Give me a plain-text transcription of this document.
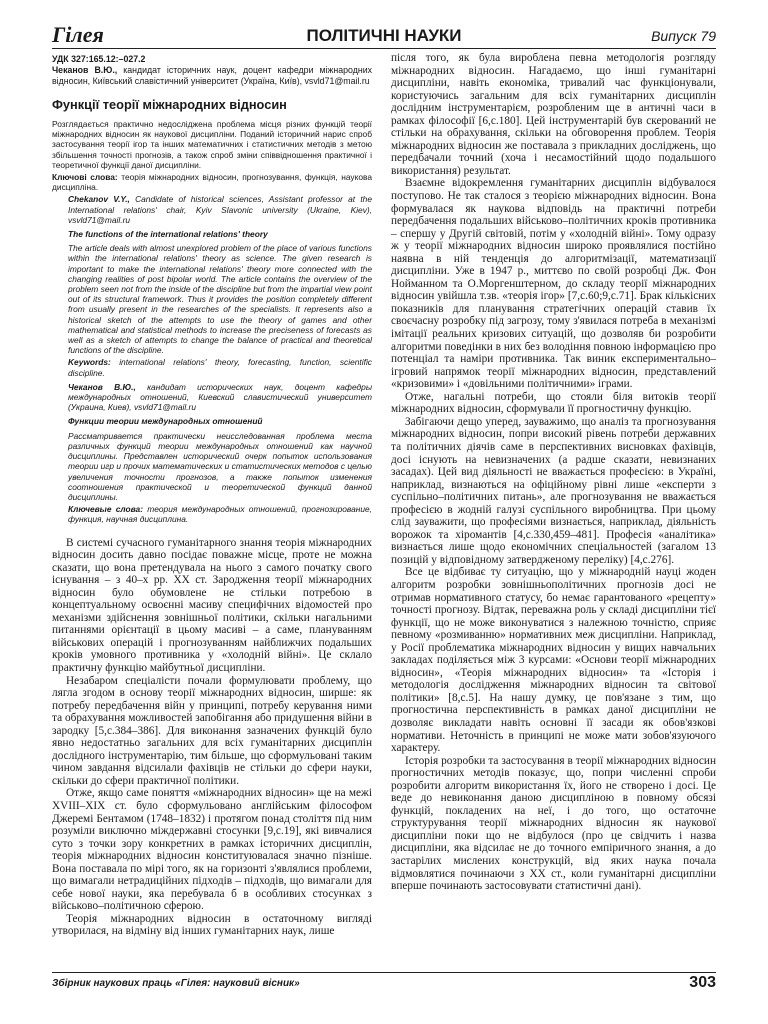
Гілея	ПОЛІТИЧНІ НАУКИ	Випуск 79
УДК 327:165.12:–027.2
Чеканов В.Ю., кандидат історичних наук, доцент кафедри міжнародних відносин, Київський славістичний університет (Україна, Київ), vsvld71@mail.ru
Функції теорії міжнародних відносин

Розглядається практично недосліджена проблема місця різних функцій теорії міжнародних відносин як наукової дисципліни. Поданий історичний нарис спроб застосування теорії ігор та інших математичних і статистичних методів з метою збільшення точності прогнозів, а також спроб зміни співвідношення практичної і теоретичної функції даної дисципліни.

Ключові слова: теорія міжнародних відносин, прогнозування, функція, наукова дисципліна.

Chekanov V.Y., Candidate of historical sciences, Assistant professor at the International relations' chair, Kyiv Slavonic university (Ukraine, Kiev), vsvld71@mail.ru
The functions of the international relations' theory

The article deals with almost unexplored problem of the place of various functions within the international relations' theory as science. The given research is important to make the international relations' theory more connected with the changing realities of post bipolar world. The article contains the overview of the problem seen not from the inside of the discipline but from the impartial view point out of its structural framework. Thus it provides the position completely different from usually present in the researches of the specialists. It represents also a historical sketch of the attempts to use the theory of games and other mathematical and statistical methods to increase the preciseness of forecasts as well as a sketch of attempts to change the balance of practical and theoretical functions of the discipline.

Keywords: international relations' theory, forecasting, function, scientific discipline.

Чеканов В.Ю., кандидат исторических наук, доцент кафедры международных отношений, Киевский славистический университет (Украина, Киев), vsvld71@mail.ru
Функции теории международных отношений

Рассматривается практически неисследованная проблема места различных функций теории международных отношений как научной дисциплины. Представлен исторический очерк попыток использования теории игр и прочих математических и статистических методов с целью увеличения точности прогнозов, а также попыток изменения соотношения практической и теоретической функций данной дисциплины.

Ключевые слова: теория международных отношений, прогнозирование, функция, научная дисциплина.

В системі сучасного гуманітарного знання теорія міжнародних відносин досить давно посідає поважне місце, проте не можна сказати, що вона претендувала на нього з самого початку свого існування – з 40–х рр. XX ст. Зародження теорії міжнародних відносин було обумовлене не стільки потребою в концептуальному освоєнні масиву специфічних відомостей про механізми здійснення зовнішньої політики, скільки нагальними питаннями орієнтації в цьому масиві – а саме, плануванням військових операцій і прогнозуванням найближчих подальших кроків умовного противника у «холодній війні». Це склало практичну функцію майбутньої дисципліни.

Незабаром спеціалісти почали формулювати проблему, що лягла згодом в основу теорії міжнародних відносин, ширше: як потребу передбачення війн у принципі, потребу керування ними та обрахування можливостей запобігання або придушення війни в зародку [5,с.384–386]. Для виконання зазначених функцій було явно недостатньо загальних для всіх гуманітарних дисциплін дослідного інструментарію, тим більше, що сформульовані таким чином завдання відсилали фахівців не стільки до сфери науки, скільки до сфери практичної політики.

Отже, якщо саме поняття «міжнародних відносин» ще на межі XVIII–XIX ст. було сформульовано англійським філософом Джеремі Бентамом (1748–1832) і протягом понад століття під ним розуміли виключно міждержавні стосунки [9,с.19], які вивчалися суто з точки зору конкретних в рамках історичних дисциплін, теорія міжнародних відносин конституювалася значно пізніше. Вона поставала по мірі того, як на горизонті з'являлися проблеми, що вимагали нетрадиційних підходів – підходів, що вимагали для себе нової науки, яка перебувала б в особливих стосунках з військово–політичною сферою.

Теорія міжнародних відносин в остаточному вигляді утворилася, на відміну від інших гуманітарних наук, лише

після того, як була вироблена певна методологія розгляду міжнародних відносин. Нагадаємо, що інші гуманітарні дисципліни, навіть економіка, тривалий час функціонували, користуючись загальним для всіх гуманітарних дисциплін дослідним інструментарієм, розробленим ще в античні часи в рамках філософії [6,с.180]. Цей інструментарій був скерований не стільки на обрахування, скільки на обговорення проблем. Теорія міжнародних відносин же поставала з прикладних досліджень, що передбачали точний (хоча і несамостійний щодо подальшого використання) результат.

Взаємне відокремлення гуманітарних дисциплін відбувалося поступово. Не так сталося з теорією міжнародних відносин. Вона формувалася як наукова відповідь на практичні потреби передбачення подальших військово–політичних кроків противника – спершу у Другій світовій, потім у «холодній війні». Тому одразу ж у теорії міжнародних відносин широко проявлялися постійно наявна в ній тенденція до алгоритмізації, математизації дисципліни. Уже в 1947 р., миттєво по своїй розробці Дж. Фон Нойманном та О.Моргенштерном, до складу теорії міжнародних відносин увійшла т.зв. «теорія ігор» [7,с.60;9,с.71]. Брак кількісних показників для планування стратегічних операцій ставив їх своєчасну розробку під загрозу, тому з'явилася потреба в механізмі імітації реальних кризових ситуацій, що дозволяв би розробити алгоритми поведінки в них без володіння повною інформацією про потенціал та наміри противника. Так виник експериментально–ігровий напрямок теорії міжнародних відносин, представлений «кризовими» і «довільними політичними» іграми.

Отже, нагальні потреби, що стояли біля витоків теорії міжнародних відносин, сформували її прогностичну функцію.

Забігаючи дещо уперед, зауважимо, що аналіз та прогнозування міжнародних відносин, попри високий рівень потреби державних та політичних діячів саме в перспективних висновках фахівців, досі існують на невизначених (а радше сказати, невизнаних засадах). Цей вид діяльності не вважається професією: в Україні, наприклад, визнаються на офіційному рівні лише «експерти з суспільно–політичних питань», але прогнозування не вважається професією в жодній галузі суспільного виробництва. При цьому слід зауважити, що професіями визнається, наприклад, діяльність ворожок та хіромантів [4,с.330,459–481]. Професія «аналітика» визнається лише щодо економічних спеціальностей (загалом 13 позицій у відповідному затвердженому переліку) [4,с.276].

Все це відбиває ту ситуацію, що у міжнародній науці жоден алгоритм розробки зовнішньополітичних прогнозів досі не отримав нормативного статусу, бо немає гарантованого «рецепту» точності прогнозу. Відтак, переважна роль у складі дисципліни тієї функції, що не може виконуватися з належною точністю, сприяє певному «розмиванню» нормативних меж дисципліни. Наприклад, у Росії проблематика міжнародних відносин у вищих навчальних закладах поділяється між 3 курсами: «Основи теорії міжнародних відносин», «Теорія міжнародних відносин» та «Історія і методологія дослідження міжнародних відносин та світової політики» [8,с.5]. На нашу думку, це пов'язане з тим, що прогностична перспективність в рамках даної дисципліни не дозволяє викладати навіть основні її засади як обов'язкові нормативи. Неточність в принципі не може мати зобов'язуючого характеру.

Історія розробки та застосування в теорії міжнародних відносин прогностичних методів показує, що, попри численні спроби розробити алгоритм використання їх, його не створено і досі. Це веде до невиконання даною дисципліною в повному обсязі функцій, покладених на неї, і до того, що остаточне структурування теорії міжнародних відносин як наукової дисципліни поки що не відбулося (про це свідчить і назва дисципліни, яка відсилає не до точного емпіричного знання, а до застарілих мислених конструкцій, від яких наука почала відмовлятися починаючи з XX ст., коли гуманітарні дисципліни вперше починають застосовувати статистичні дані).

Збірник наукових праць «Гілея: науковий вісник»	303
